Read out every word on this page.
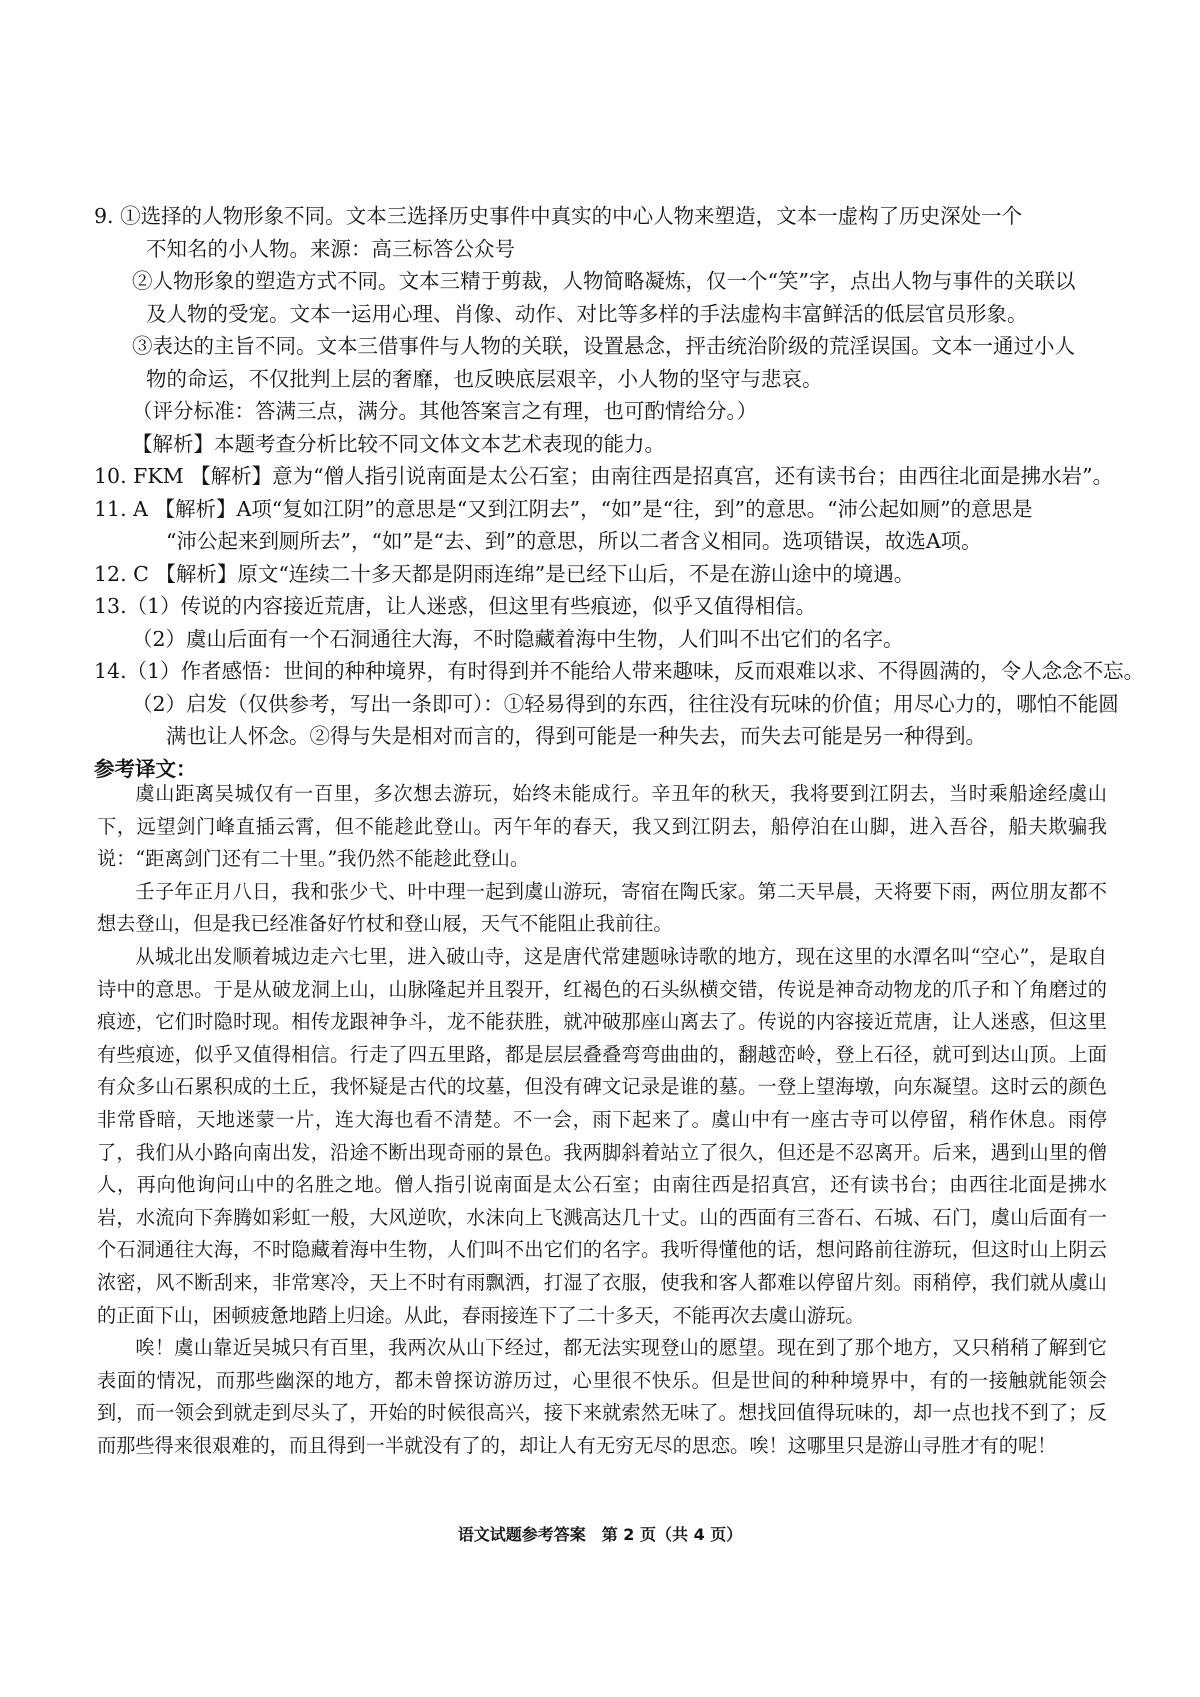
9. ①选择的人物形象不同。文本三选择历史事件中真实的中心人物来塑造，文本一虚构了历史深处一个

不知名的小人物。来源：高三标答公众号

②人物形象的塑造方式不同。文本三精于剪裁，人物简略凝炼，仅一个“笑”字，点出人物与事件的关联以

及人物的受宠。文本一运用心理、肖像、动作、对比等多样的手法虚构丰富鲜活的低层官员形象。

③表达的主旨不同。文本三借事件与人物的关联，设置悬念，抨击统治阶级的荒淫误国。文本一通过小人

物的命运，不仅批判上层的奢靡，也反映底层艰辛，小人物的坚守与悲哀。

（评分标准：答满三点，满分。其他答案言之有理，也可酌情给分。）

【解析】本题考查分析比较不同文体文本艺术表现的能力。

10. FKM 【解析】意为“僧人指引说南面是太公石室；由南往西是招真宫，还有读书台；由西往北面是拂水岩”。

11. A 【解析】A项“复如江阴”的意思是“又到江阴去”，“如”是“往，到”的意思。“沛公起如厕”的意思是

“沛公起来到厕所去”，“如”是“去、到”的意思，所以二者含义相同。选项错误，故选A项。

12. C 【解析】原文“连续二十多天都是阴雨连绵”是已经下山后，不是在游山途中的境遇。

13.（1）传说的内容接近荒唐，让人迷惑，但这里有些痕迹，似乎又值得相信。

（2）虞山后面有一个石洞通往大海，不时隐藏着海中生物，人们叫不出它们的名字。

14.（1）作者感悟：世间的种种境界，有时得到并不能给人带来趣味，反而艰难以求、不得圆满的，令人念念不忘。

（2）启发（仅供参考，写出一条即可）：①轻易得到的东西，往往没有玩味的价值；用尽心力的，哪怕不能圆

满也让人怀念。②得与失是相对而言的，得到可能是一种失去，而失去可能是另一种得到。

参考译文：

虞山距离吴城仅有一百里，多次想去游玩，始终未能成行。辛丑年的秋天，我将要到江阴去，当时乘船途经虞山下，远望剑门峰直插云霄，但不能趁此登山。丙午年的春天，我又到江阴去，船停泊在山脚，进入吾谷，船夫欺骗我说：“距离剑门还有二十里。”我仍然不能趁此登山。

壬子年正月八日，我和张少弋、叶中理一起到虞山游玩，寄宿在陶氏家。第二天早晨，天将要下雨，两位朋友都不想去登山，但是我已经准备好竹杖和登山屐，天气不能阻止我前往。

从城北出发顺着城边走六七里，进入破山寺，这是唐代常建题咏诗歌的地方，现在这里的水潭名叫“空心”，是取自诗中的意思。于是从破龙洞上山，山脉隆起并且裂开，红褐色的石头纵横交错，传说是神奇动物龙的爪子和丫角磨过的痕迹，它们时隐时现。相传龙跟神争斗，龙不能获胜，就冲破那座山离去了。传说的内容接近荒唐，让人迷惑，但这里有些痕迹，似乎又值得相信。行走了四五里路，都是层层叠叠弯弯曲曲的，翻越峦岭，登上石径，就可到达山顶。上面有众多山石累积成的土丘，我怀疑是古代的坟墓，但没有碑文记录是谁的墓。一登上望海墩，向东凝望。这时云的颜色非常昏暗，天地迷蒙一片，连大海也看不清楚。不一会，雨下起来了。虞山中有一座古寺可以停留，稍作休息。雨停了，我们从小路向南出发，沿途不断出现奇丽的景色。我两脚斜着站立了很久，但还是不忍离开。后来，遇到山里的僧人，再向他询问山中的名胜之地。僧人指引说南面是太公石室；由南往西是招真宫，还有读书台；由西往北面是拂水岩，水流向下奔腾如彩虹一般，大风逆吹，水沫向上飞溅高达几十丈。山的西面有三沓石、石城、石门，虞山后面有一个石洞通往大海，不时隐藏着海中生物，人们叫不出它们的名字。我听得懂他的话，想问路前往游玩，但这时山上阴云浓密，风不断刮来，非常寒冷，天上不时有雨飘洒，打湿了衣服，使我和客人都难以停留片刻。雨稍停，我们就从虞山的正面下山，困顿疲惫地踏上归途。从此，春雨接连下了二十多天，不能再次去虞山游玩。

唉！虞山靠近吴城只有百里，我两次从山下经过，都无法实现登山的愿望。现在到了那个地方，又只稍稍了解到它表面的情况，而那些幽深的地方，都未曾探访游历过，心里很不快乐。但是世间的种种境界中，有的一接触就能领会到，而一领会到就走到尽头了，开始的时候很高兴，接下来就索然无味了。想找回值得玩味的，却一点也找不到了；反而那些得来很艰难的，而且得到一半就没有了的，却让人有无穷无尽的思恋。唉！这哪里只是游山寻胜才有的呢！

语文试题参考答案　第 2 页（共 4 页）
